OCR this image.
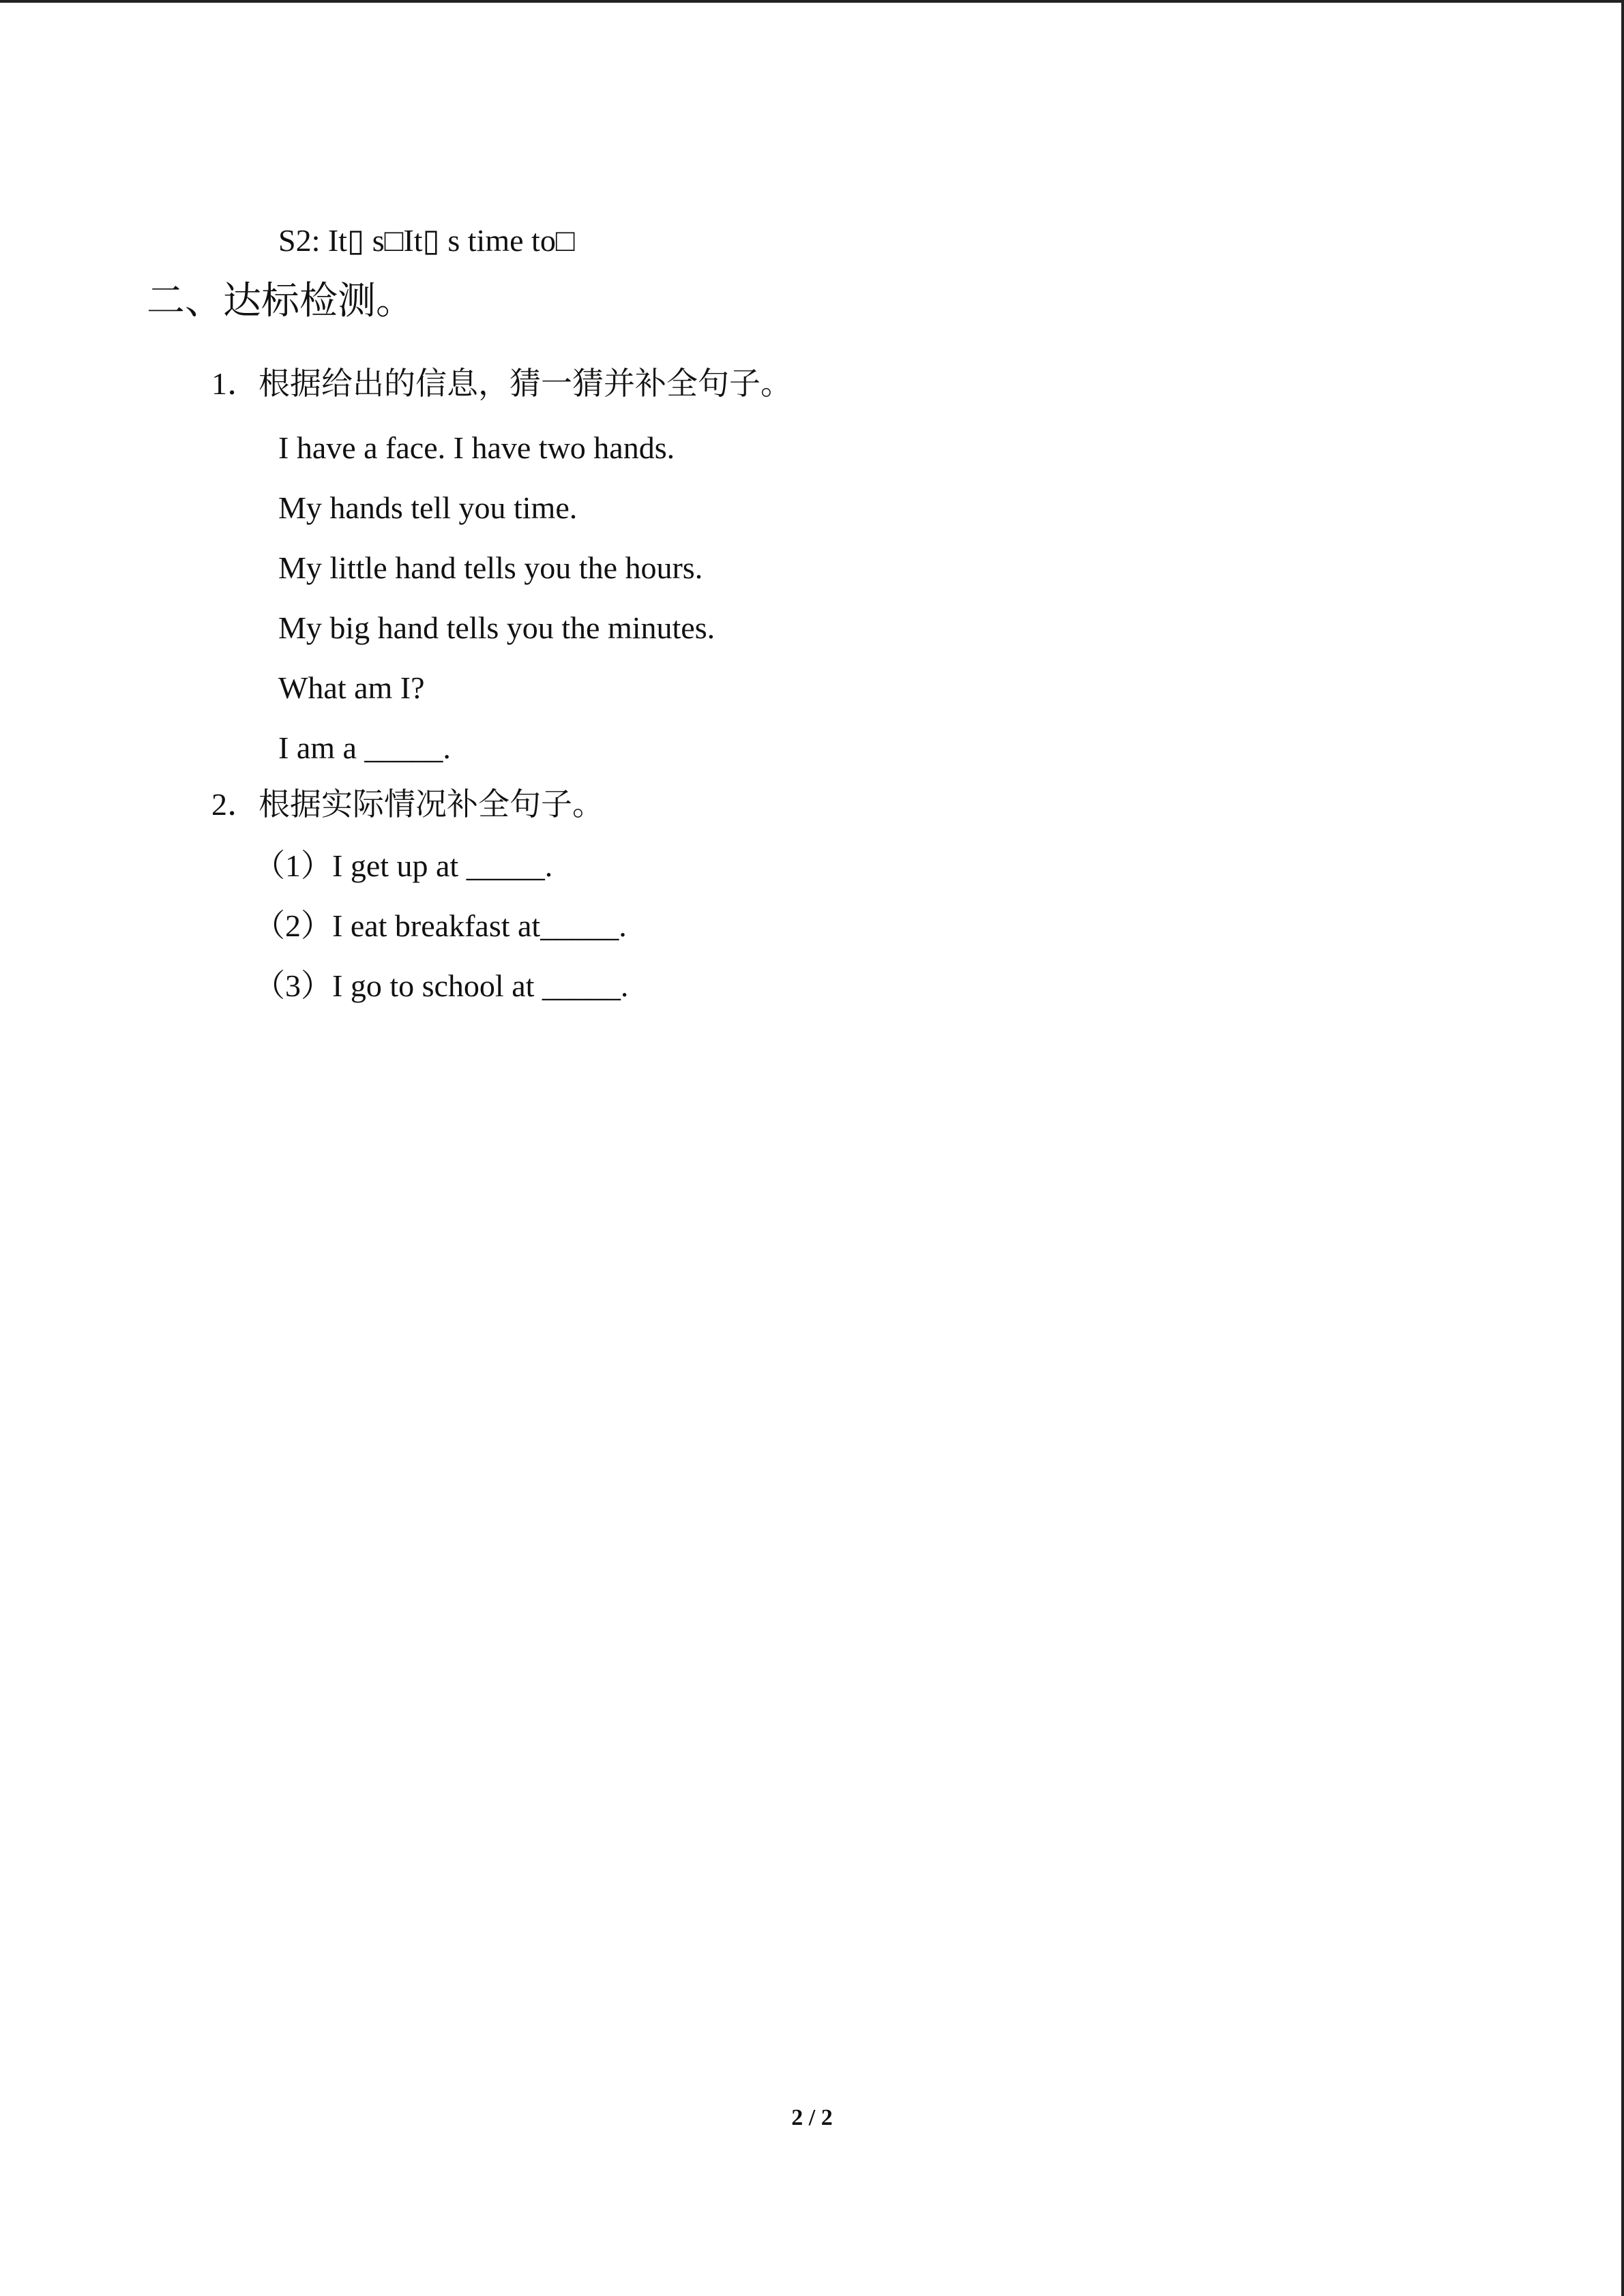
S2: It▯ s□It▯ s time to□
二、达标检测。
1．根据给出的信息，猜一猜并补全句子。
I have a face. I have two hands.
My hands tell you time.
My little hand tells you the hours.
My big hand tells you the minutes.
What am I?
I am a _____.
2．根据实际情况补全句子。
（1）I get up at _____.
（2）I eat breakfast at_____.
（3）I go to school at _____.
2 / 2
